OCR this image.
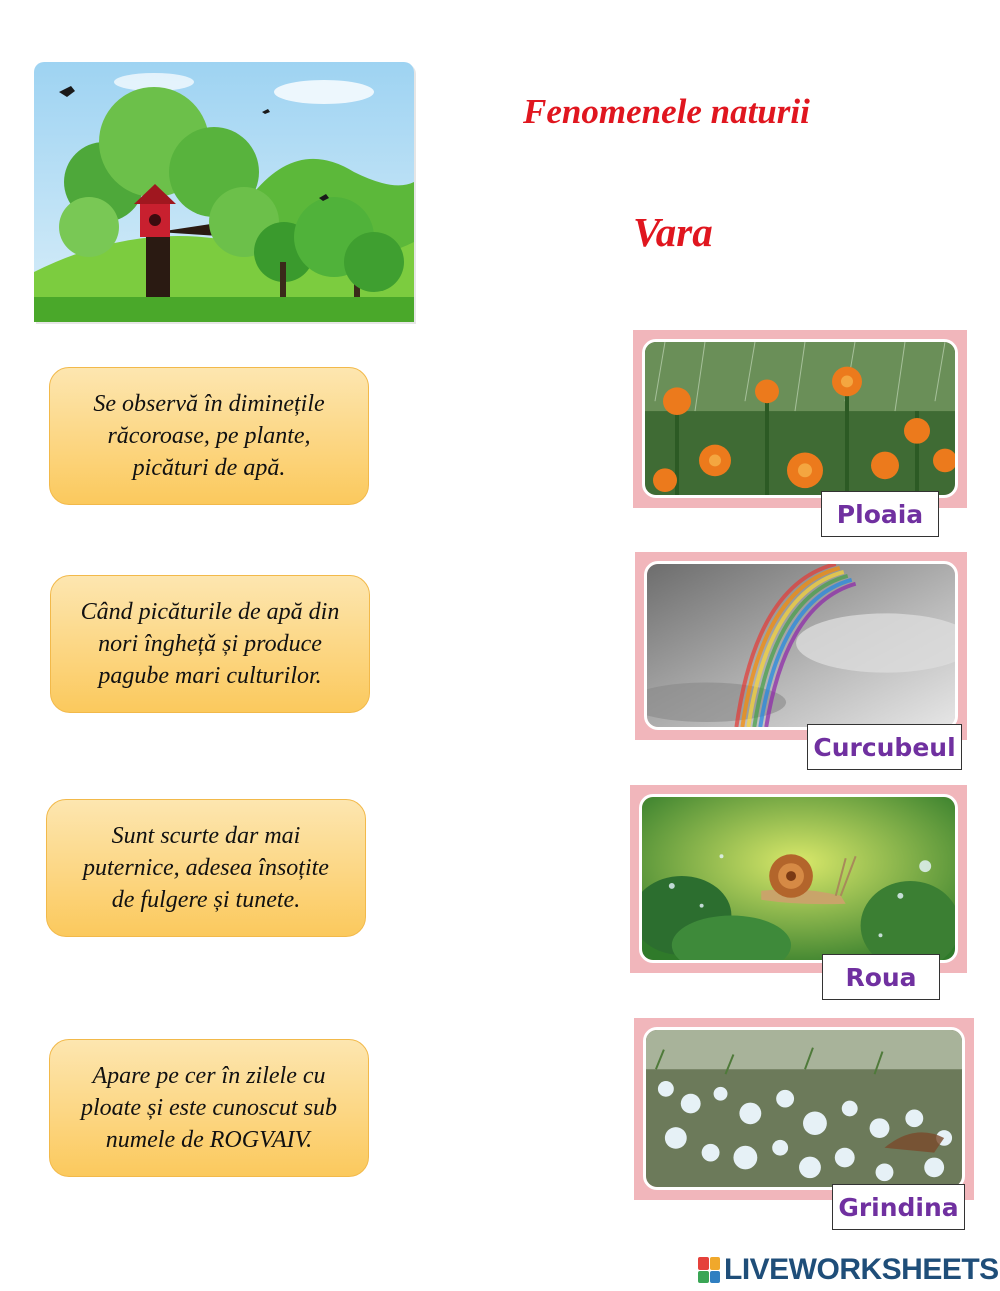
Fenomenele naturii
Vara
Se observă în diminețile
răcoroase, pe plante,
picături de apă.
Când picăturile de apă din
nori înghețǎ și produce
pagube mari culturilor.
Sunt scurte dar mai
puternice, adesea însoțite
de fulgere și tunete.
Apare pe cer în zilele cu
ploate și este cunoscut sub
numele de ROGVAIV.
Ploaia
Curcubeul
Roua
Grindina
LIVEWORKSHEETS
